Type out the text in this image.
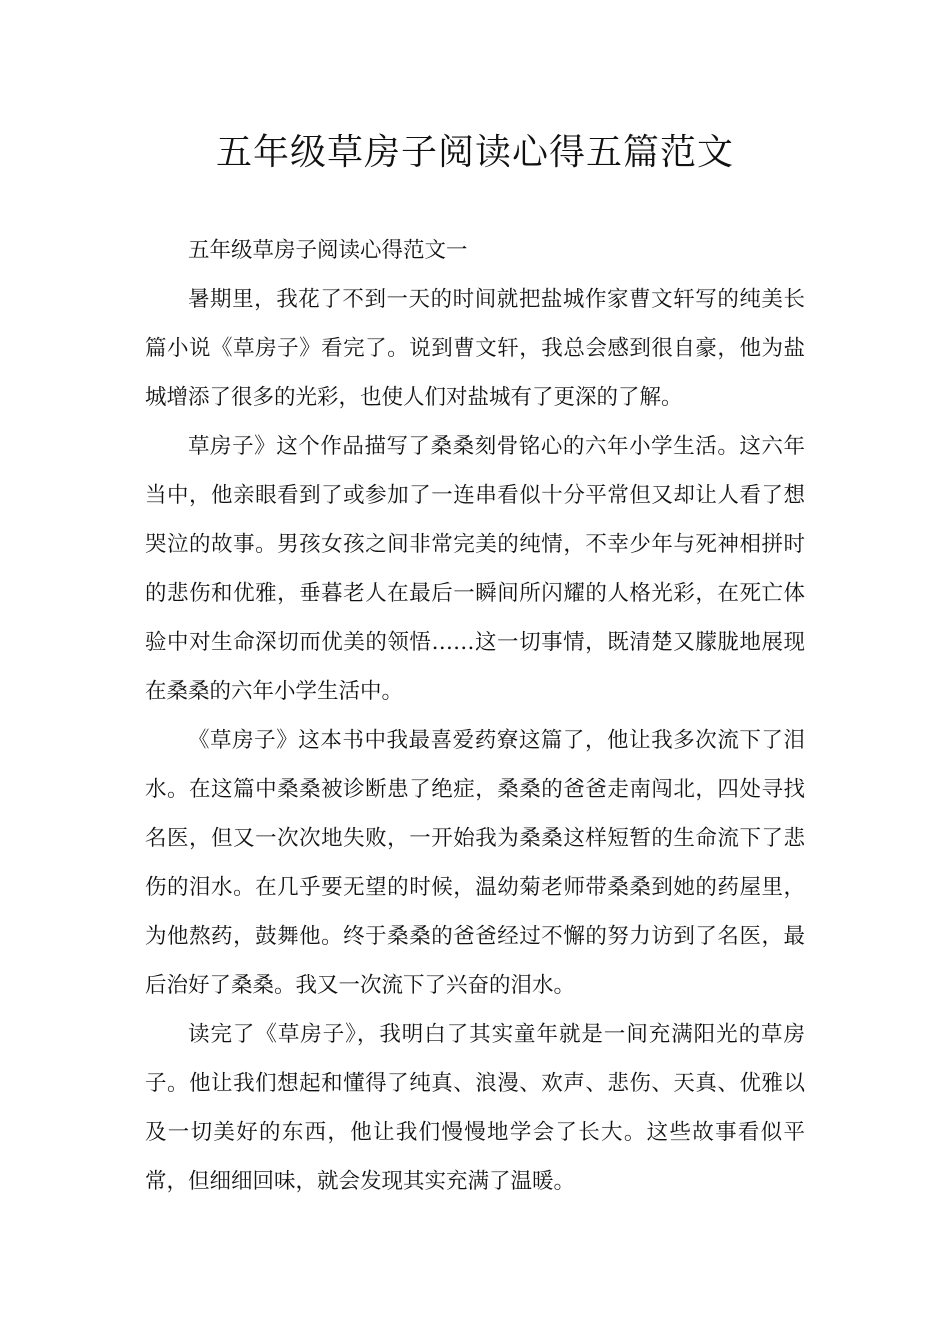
五年级草房子阅读心得五篇范文

五年级草房子阅读心得范文一

暑期里，我花了不到一天的时间就把盐城作家曹文轩写的纯美长篇小说《草房子》看完了。说到曹文轩，我总会感到很自豪，他为盐城增添了很多的光彩，也使人们对盐城有了更深的了解。

草房子》这个作品描写了桑桑刻骨铭心的六年小学生活。这六年当中，他亲眼看到了或参加了一连串看似十分平常但又却让人看了想哭泣的故事。男孩女孩之间非常完美的纯情，不幸少年与死神相拼时的悲伤和优雅，垂暮老人在最后一瞬间所闪耀的人格光彩，在死亡体验中对生命深切而优美的领悟……这一切事情，既清楚又朦胧地展现在桑桑的六年小学生活中。

《草房子》这本书中我最喜爱药寮这篇了，他让我多次流下了泪水。在这篇中桑桑被诊断患了绝症，桑桑的爸爸走南闯北，四处寻找名医，但又一次次地失败，一开始我为桑桑这样短暂的生命流下了悲伤的泪水。在几乎要无望的时候，温幼菊老师带桑桑到她的药屋里，为他熬药，鼓舞他。终于桑桑的爸爸经过不懈的努力访到了名医，最后治好了桑桑。我又一次流下了兴奋的泪水。

读完了《草房子》，我明白了其实童年就是一间充满阳光的草房子。他让我们想起和懂得了纯真、浪漫、欢声、悲伤、天真、优雅以及一切美好的东西，他让我们慢慢地学会了长大。这些故事看似平常，但细细回味，就会发现其实充满了温暖。
